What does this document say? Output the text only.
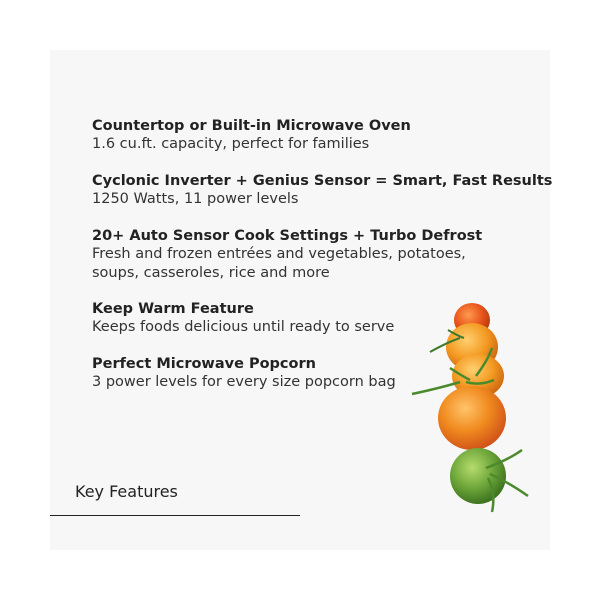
Countertop or Built-in Microwave Oven
1.6 cu.ft. capacity, perfect for families
Cyclonic Inverter + Genius Sensor = Smart, Fast Results
1250 Watts, 11 power levels
20+ Auto Sensor Cook Settings + Turbo Defrost
Fresh and frozen entrées and vegetables, potatoes,
soups, casseroles, rice and more
Keep Warm Feature
Keeps foods delicious until ready to serve
Perfect Microwave Popcorn
3 power levels for every size popcorn bag
Key Features
